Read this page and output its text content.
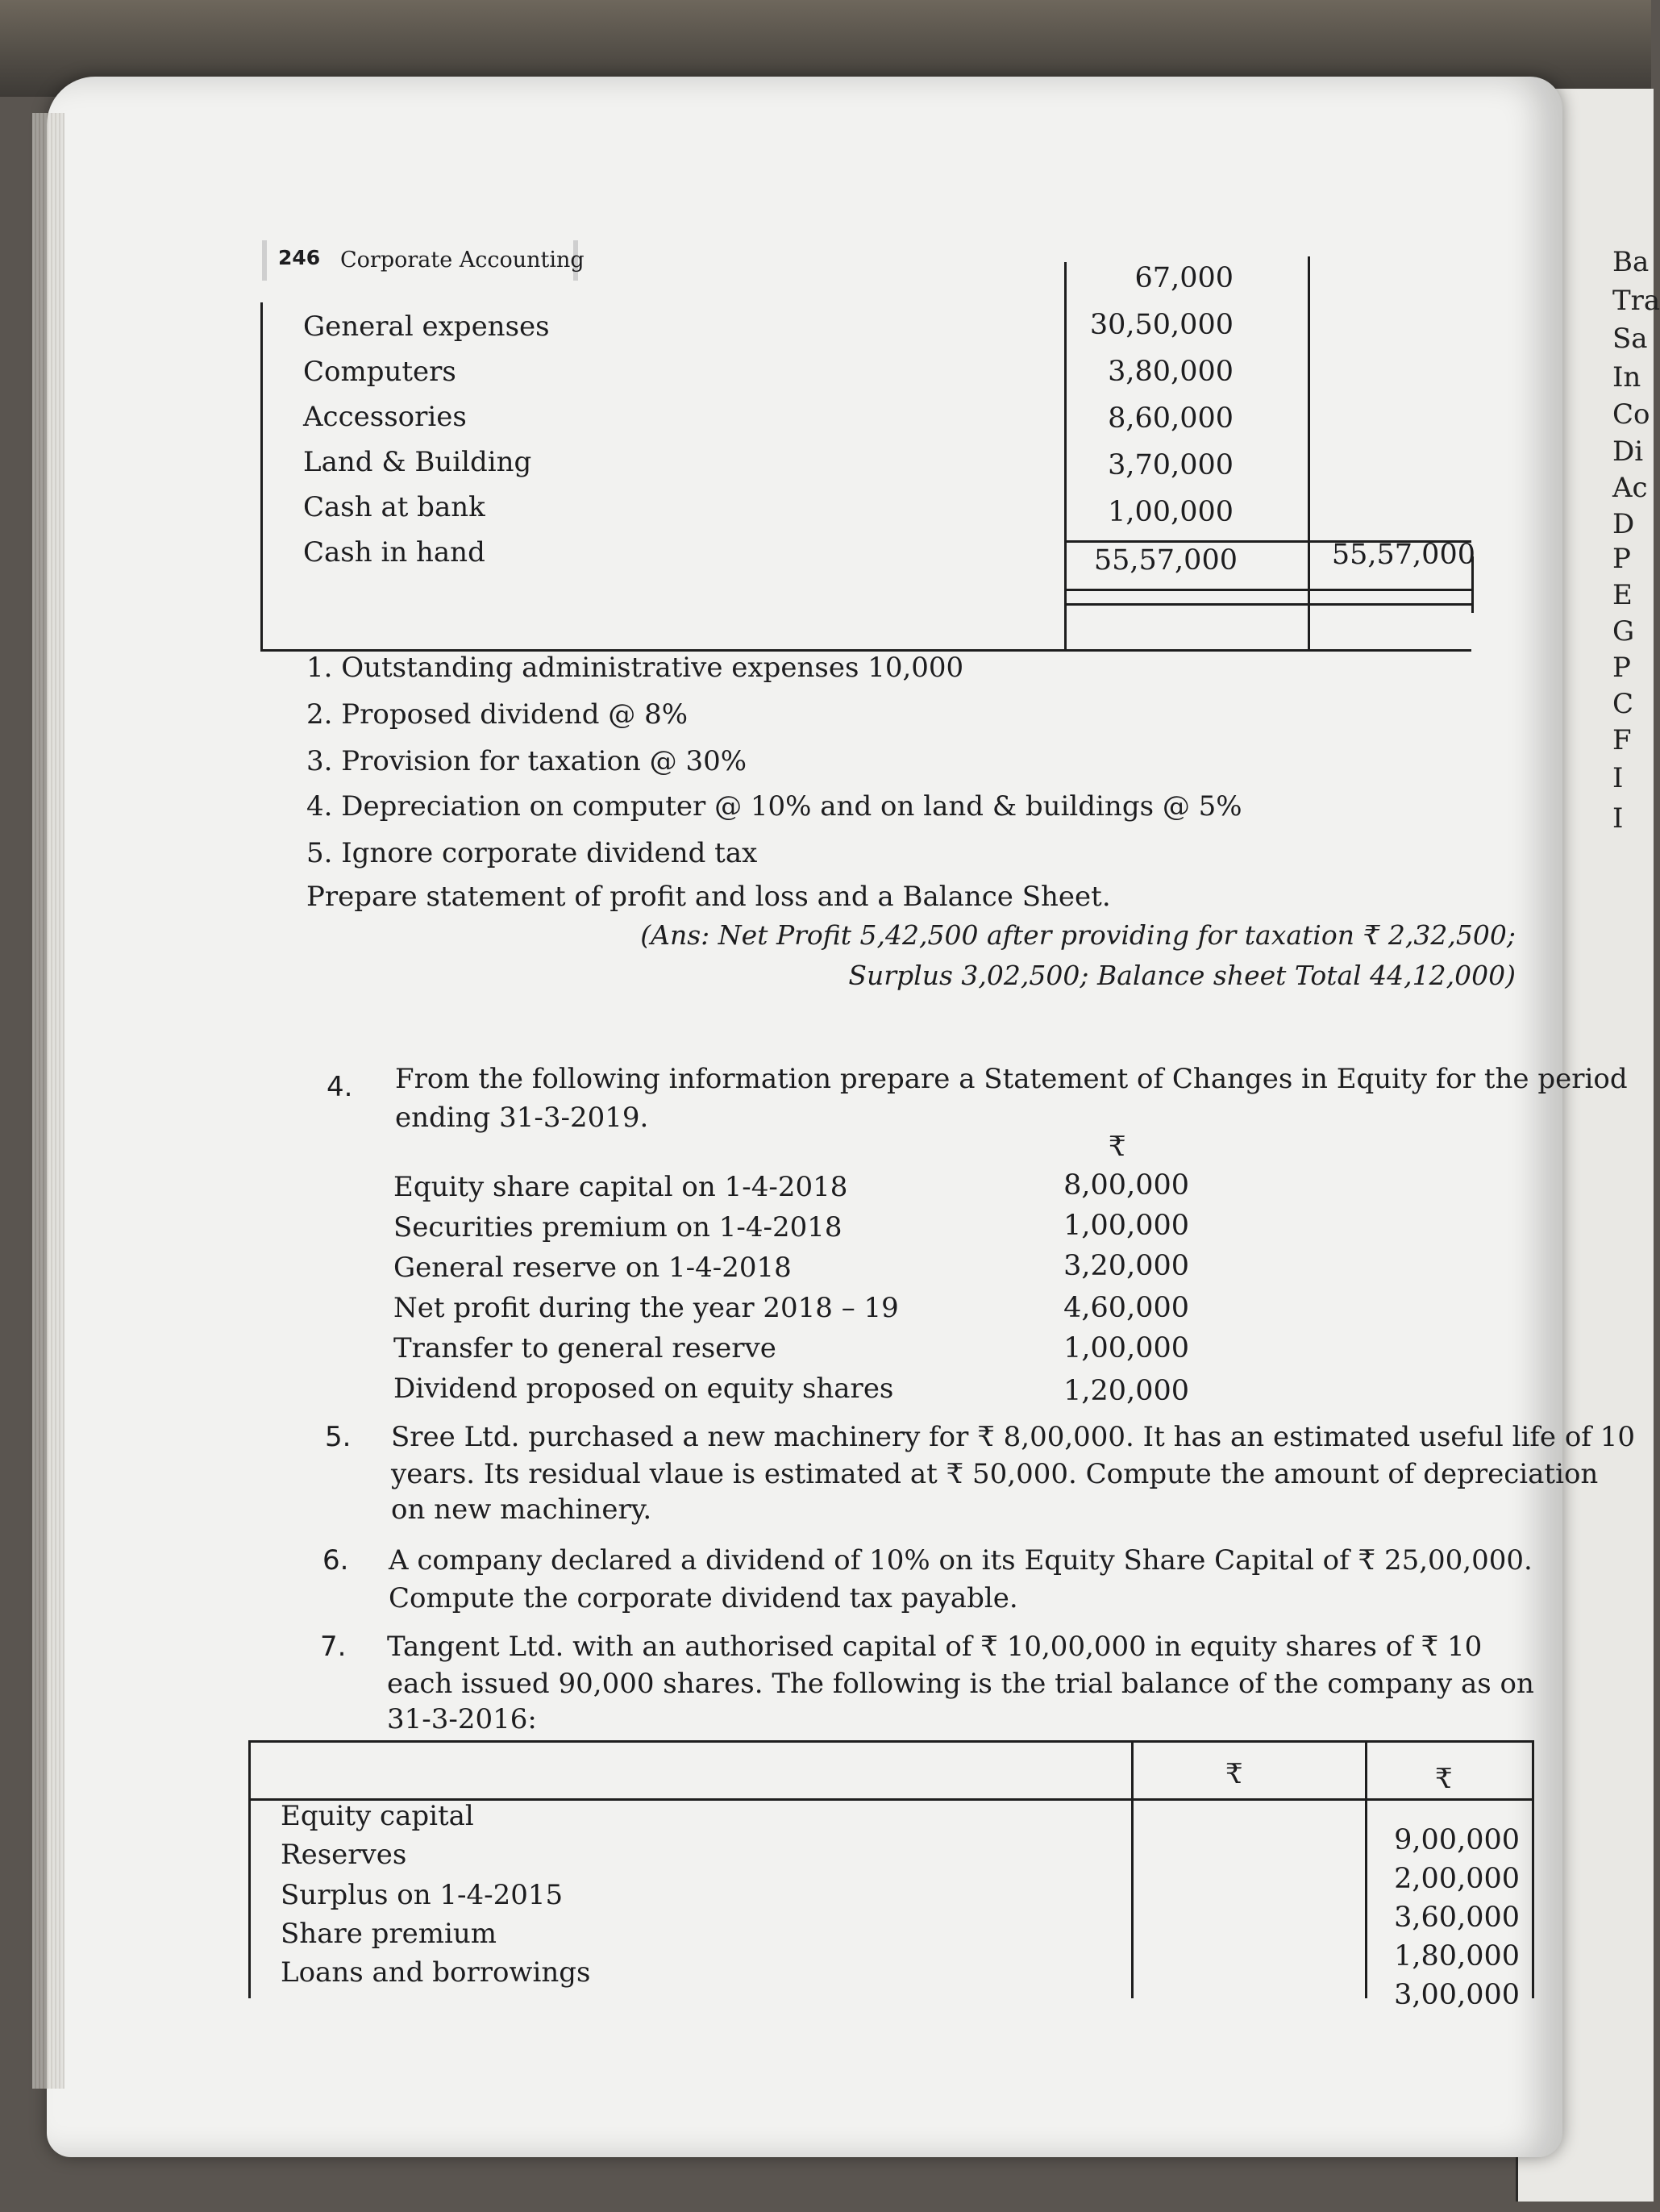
Ba
Tra
Sa
In
Co
Di
Ac
D
P
E
G
P
C
F
I
I
246 Corporate Accounting
General expenses
Computers
Accessories
Land & Building
Cash at bank
Cash in hand
67,000
30,50,000
3,80,000
8,60,000
3,70,000
1,00,000
55,57,000	55,57,000
1. Outstanding administrative expenses 10,000
2. Proposed dividend @ 8%
3. Provision for taxation @ 30%
4. Depreciation on computer @ 10% and on land & buildings @ 5%
5. Ignore corporate dividend tax
Prepare statement of profit and loss and a Balance Sheet.
(Ans: Net Profit 5,42,500 after providing for taxation ₹ 2,32,500;
Surplus 3,02,500; Balance sheet Total 44,12,000)
4. From the following information prepare a Statement of Changes in Equity for the period
ending 31-3-2019.
₹
Equity share capital on 1-4-2018
Securities premium on 1-4-2018
General reserve on 1-4-2018
Net profit during the year 2018 – 19
Transfer to general reserve
Dividend proposed on equity shares
8,00,000
1,00,000
3,20,000
4,60,000
1,00,000
1,20,000
5. Sree Ltd. purchased a new machinery for ₹ 8,00,000. It has an estimated useful life of 10
years. Its residual vlaue is estimated at ₹ 50,000. Compute the amount of depreciation
on new machinery.
6. A company declared a dividend of 10% on its Equity Share Capital of ₹ 25,00,000.
Compute the corporate dividend tax payable.
7. Tangent Ltd. with an authorised capital of ₹ 10,00,000 in equity shares of ₹ 10
each issued 90,000 shares. The following is the trial balance of the company as on
31-3-2016:
₹	₹
Equity capital
Reserves
Surplus on 1-4-2015
Share premium
Loans and borrowings
9,00,000
2,00,000
3,60,000
1,80,000
3,00,000
